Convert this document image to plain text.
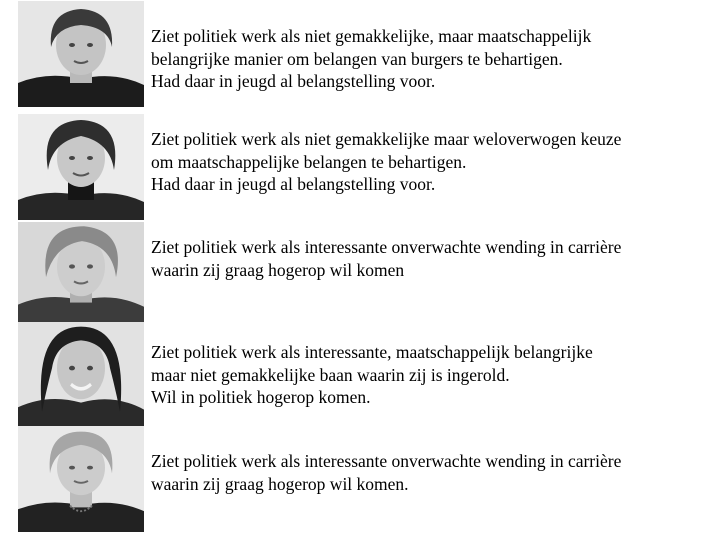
Ziet politiek werk als niet gemakkelijke, maar maatschappelijk
belangrijke manier om belangen van burgers te behartigen.
Had daar in jeugd al belangstelling voor.
Ziet politiek werk als niet gemakkelijke maar weloverwogen keuze
om maatschappelijke belangen te behartigen.
Had daar in jeugd al belangstelling voor.
Ziet politiek werk als interessante onverwachte wending in carrière
waarin zij graag hogerop wil komen
Ziet politiek werk als interessante, maatschappelijk belangrijke
maar niet gemakkelijke baan waarin zij is ingerold.
Wil in politiek hogerop komen.
Ziet politiek werk als interessante onverwachte wending in carrière
waarin zij graag hogerop wil komen.
